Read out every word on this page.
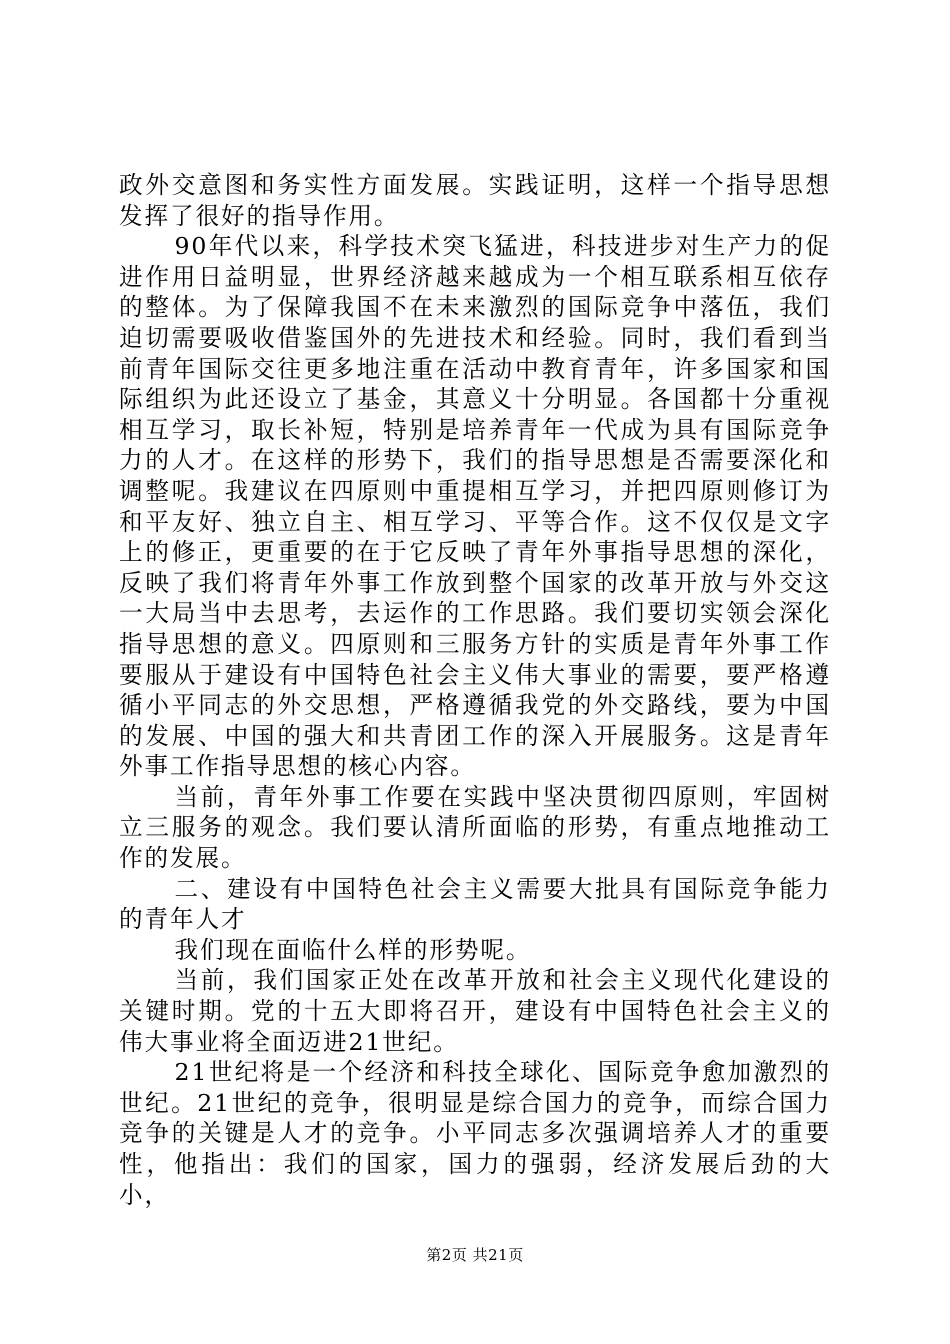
政外交意图和务实性方面发展。实践证明，这样一个指导思想发挥了很好的指导作用。

90年代以来，科学技术突飞猛进，科技进步对生产力的促进作用日益明显，世界经济越来越成为一个相互联系相互依存的整体。为了保障我国不在未来激烈的国际竞争中落伍，我们迫切需要吸收借鉴国外的先进技术和经验。同时，我们看到当前青年国际交往更多地注重在活动中教育青年，许多国家和国际组织为此还设立了基金，其意义十分明显。各国都十分重视相互学习，取长补短，特别是培养青年一代成为具有国际竞争力的人才。在这样的形势下，我们的指导思想是否需要深化和调整呢。我建议在四原则中重提相互学习，并把四原则修订为和平友好、独立自主、相互学习、平等合作。这不仅仅是文字上的修正，更重要的在于它反映了青年外事指导思想的深化，反映了我们将青年外事工作放到整个国家的改革开放与外交这一大局当中去思考，去运作的工作思路。我们要切实领会深化指导思想的意义。四原则和三服务方针的实质是青年外事工作要服从于建设有中国特色社会主义伟大事业的需要，要严格遵循小平同志的外交思想，严格遵循我党的外交路线，要为中国的发展、中国的强大和共青团工作的深入开展服务。这是青年外事工作指导思想的核心内容。

当前，青年外事工作要在实践中坚决贯彻四原则，牢固树立三服务的观念。我们要认清所面临的形势，有重点地推动工作的发展。

二、建设有中国特色社会主义需要大批具有国际竞争能力的青年人才

我们现在面临什么样的形势呢。

当前，我们国家正处在改革开放和社会主义现代化建设的关键时期。党的十五大即将召开，建设有中国特色社会主义的伟大事业将全面迈进21世纪。

21世纪将是一个经济和科技全球化、国际竞争愈加激烈的世纪。21世纪的竞争，很明显是综合国力的竞争，而综合国力竞争的关键是人才的竞争。小平同志多次强调培养人才的重要性，他指出：我们的国家，国力的强弱，经济发展后劲的大小，

第2页 共21页
